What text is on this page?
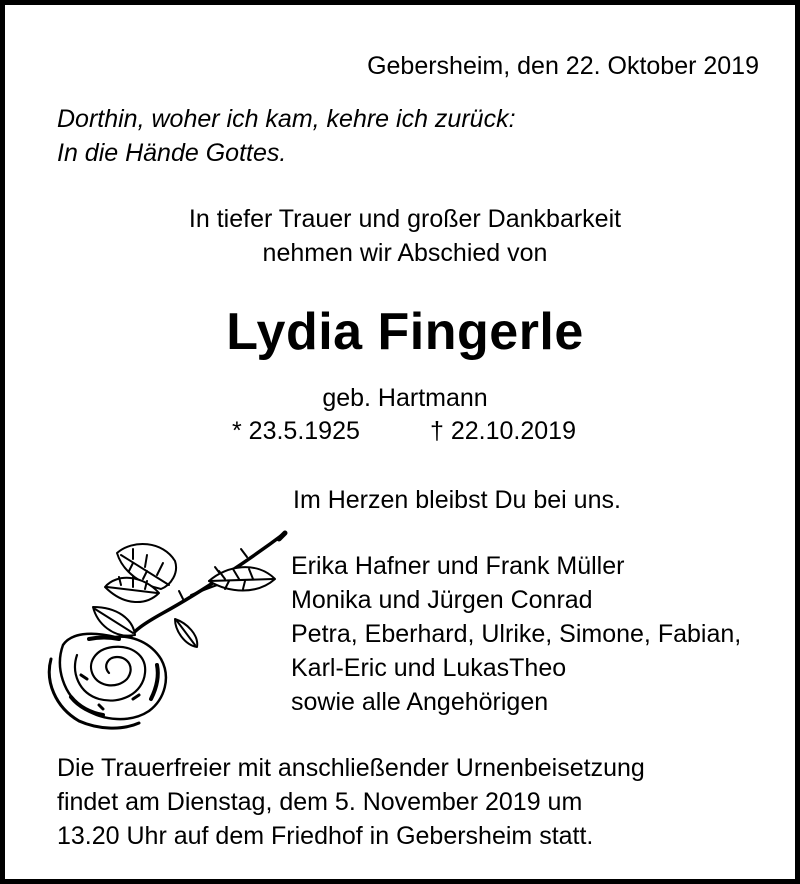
Gebersheim, den 22. Oktober 2019

Dorthin, woher ich kam, kehre ich zurück:

In die Hände Gottes.

In tiefer Trauer und großer Dankbarkeit

nehmen wir Abschied von

Lydia Fingerle

geb. Hartmann

* 23.5.1925	† 22.10.2019

Im Herzen bleibst Du bei uns.

Erika Hafner und Frank Müller

Monika und Jürgen Conrad

Petra, Eberhard, Ulrike, Simone, Fabian,

Karl-Eric und LukasTheo

sowie alle Angehörigen

Die Trauerfreier mit anschließender Urnenbeisetzung

findet am Dienstag, dem 5. November 2019 um

13.20 Uhr auf dem Friedhof in Gebersheim statt.
